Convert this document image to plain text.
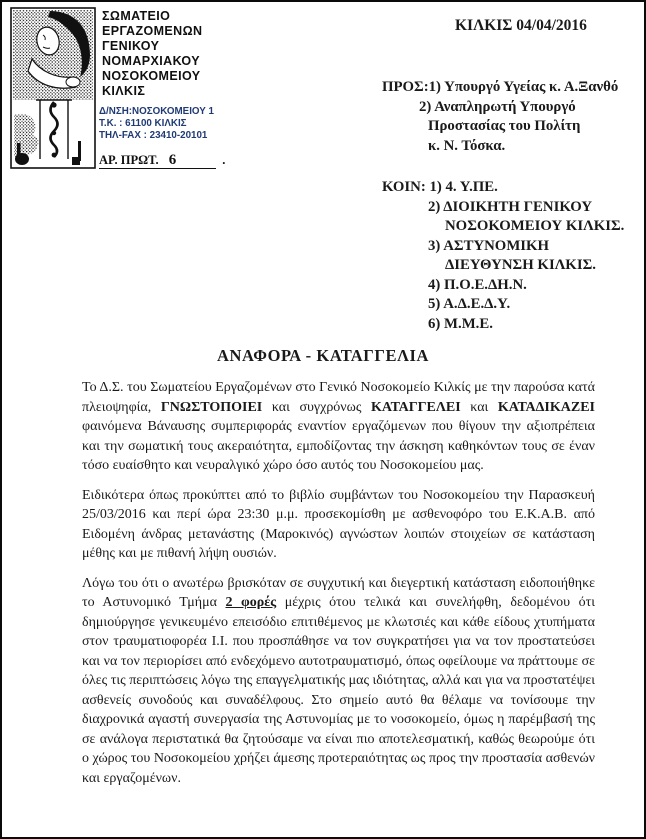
ΣΩΜΑΤΕΙΟ
ΕΡΓΑΖΟΜΕΝΩΝ
ΓΕΝΙΚΟΥ
ΝΟΜΑΡΧΙΑΚΟΥ
ΝΟΣΟΚΟΜΕΙΟΥ
ΚΙΛΚΙΣ
Δ/ΝΣΗ:ΝΟΣΟΚΟΜΕΙΟΥ 1
Τ.Κ. : 61100 ΚΙΛΚΙΣ
ΤΗΛ-FAX : 23410-20101
ΑΡ. ΠΡΩΤ. 6	.
ΚΙΛΚΙΣ 04/04/2016
ΠΡΟΣ:1) Υπουργό Υγείας κ. Α.Ξανθό
2) Αναπληρωτή Υπουργό
Προστασίας του Πολίτη
κ. Ν. Τόσκα.
ΚΟΙΝ: 1) 4. Υ.ΠΕ.
2) ΔΙΟΙΚΗΤΗ ΓΕΝΙΚΟΥ
ΝΟΣΟΚΟΜΕΙΟΥ ΚΙΛΚΙΣ.
3) ΑΣΤΥΝΟΜΙΚΗ
ΔΙΕΥΘΥΝΣΗ ΚΙΛΚΙΣ.
4) Π.Ο.Ε.ΔΗ.Ν.
5) Α.Δ.Ε.Δ.Υ.
6) Μ.Μ.Ε.
ΑΝΑΦΟΡΑ - ΚΑΤΑΓΓΕΛΙΑ

Το Δ.Σ. του Σωματείου Εργαζομένων στο Γενικό Νοσοκομείο Κιλκίς με την παρούσα κατά πλειοψηφία, ΓΝΩΣΤΟΠΟΙΕΙ και συγχρόνως ΚΑΤΑΓΓΕΛΕΙ και ΚΑΤΑΔΙΚΑΖΕΙ φαινόμενα Βάναυσης συμπεριφοράς εναντίον εργαζόμενων που θίγουν την αξιοπρέπεια και την σωματική τους ακεραιότητα, εμποδίζοντας την άσκηση καθηκόντων τους σε έναν τόσο ευαίσθητο και νευραλγικό χώρο όσο αυτός του Νοσοκομείου μας.

Ειδικότερα όπως προκύπτει από το βιβλίο συμβάντων του Νοσοκομείου την Παρασκευή 25/03/2016 και περί ώρα 23:30 μ.μ. προσεκομίσθη με ασθενοφόρο του Ε.Κ.Α.Β. από Ειδομένη άνδρας μετανάστης (Μαροκινός) αγνώστων λοιπών στοιχείων σε κατάσταση μέθης και με πιθανή λήψη ουσιών.

Λόγω του ότι ο ανωτέρω βρισκόταν σε συγχυτική και διεγερτική κατάσταση ειδοποιήθηκε το Αστυνομικό Τμήμα 2 φορές μέχρις ότου τελικά και συνελήφθη, δεδομένου ότι δημιούργησε γενικευμένο επεισόδιο επιτιθέμενος με κλωτσιές και κάθε είδους χτυπήματα στον τραυματιοφορέα Ι.Ι. που προσπάθησε να τον συγκρατήσει για να τον προστατεύσει και να τον περιορίσει από ενδεχόμενο αυτοτραυματισμό, όπως οφείλουμε να πράττουμε σε όλες τις περιπτώσεις λόγω της επαγγελματικής μας ιδιότητας, αλλά και για να προστατέψει ασθενείς συνοδούς και συναδέλφους. Στο σημείο αυτό θα θέλαμε να τονίσουμε την διαχρονικά αγαστή συνεργασία της Αστυνομίας με το νοσοκομείο, όμως η παρέμβασή της σε ανάλογα περιστατικά θα ζητούσαμε να είναι πιο αποτελεσματική, καθώς θεωρούμε ότι ο χώρος του Νοσοκομείου χρήζει άμεσης προτεραιότητας ως προς την προστασία ασθενών και εργαζομένων.
